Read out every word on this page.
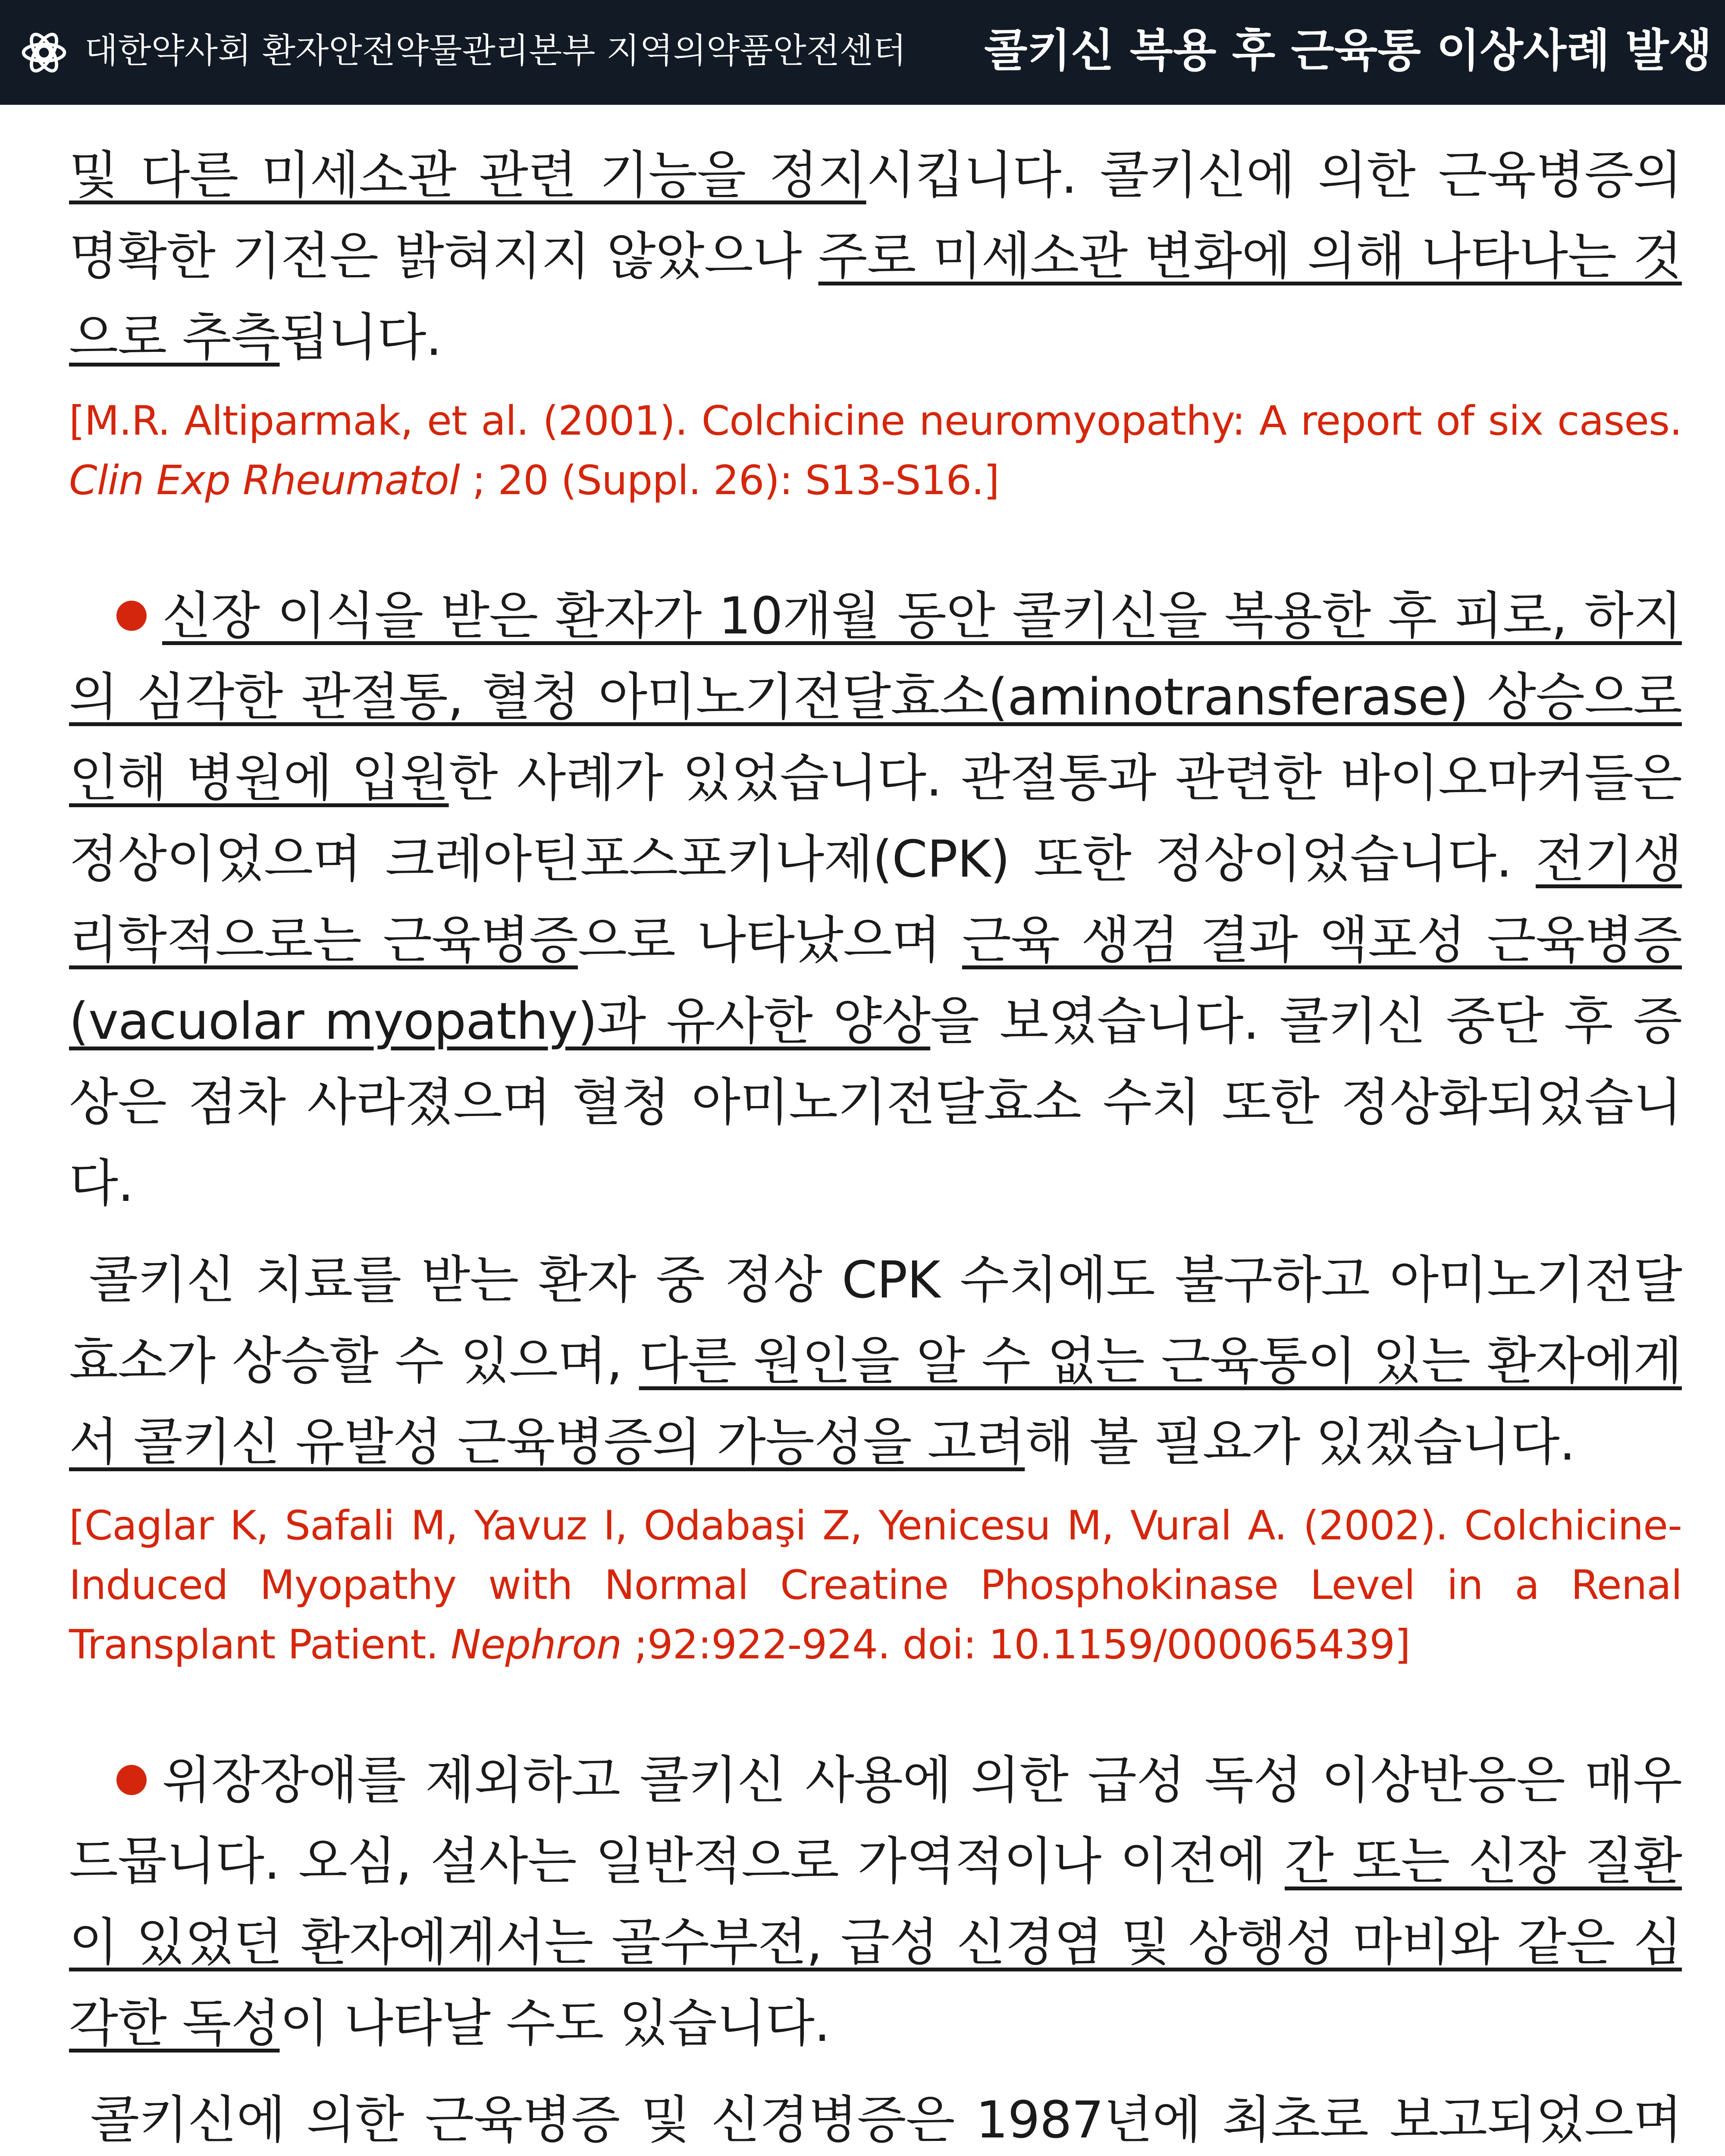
대한약사회 환자안전약물관리본부 지역의약품안전센터 콜키신 복용 후 근육통 이상사례 발생

및 다른 미세소관 관련 기능을 정지시킵니다. 콜키신에 의한 근육병증의 명확한 기전은 밝혀지지 않았으나 주로 미세소관 변화에 의해 나타나는 것으로 추측됩니다.

[M.R. Altiparmak, et al. (2001). Colchicine neuromyopathy: A report of six cases. Clin Exp Rheumatol ; 20 (Suppl. 26): S13-S16.]

신장 이식을 받은 환자가 10개월 동안 콜키신을 복용한 후 피로, 하지의 심각한 관절통, 혈청 아미노기전달효소(aminotransferase) 상승으로 인해 병원에 입원한 사례가 있었습니다. 관절통과 관련한 바이오마커들은 정상이었으며 크레아틴포스포키나제(CPK) 또한 정상이었습니다. 전기생리학적으로는 근육병증으로 나타났으며 근육 생검 결과 액포성 근육병증(vacuolar myopathy)과 유사한 양상을 보였습니다. 콜키신 중단 후 증상은 점차 사라졌으며 혈청 아미노기전달효소 수치 또한 정상화되었습니다.

콜키신 치료를 받는 환자 중 정상 CPK 수치에도 불구하고 아미노기전달효소가 상승할 수 있으며, 다른 원인을 알 수 없는 근육통이 있는 환자에게서 콜키신 유발성 근육병증의 가능성을 고려해 볼 필요가 있겠습니다.

[Caglar K, Safali M, Yavuz I, Odabaşi Z, Yenicesu M, Vural A. (2002). Colchicine-Induced Myopathy with Normal Creatine Phosphokinase Level in a Renal Transplant Patient. Nephron ;92:922-924. doi: 10.1159/000065439]

위장장애를 제외하고 콜키신 사용에 의한 급성 독성 이상반응은 매우 드뭅니다. 오심, 설사는 일반적으로 가역적이나 이전에 간 또는 신장 질환이 있었던 환자에게서는 골수부전, 급성 신경염 및 상행성 마비와 같은 심각한 독성이 나타날 수도 있습니다.

콜키신에 의한 근육병증 및 신경병증은 1987년에 최초로 보고되었으며
